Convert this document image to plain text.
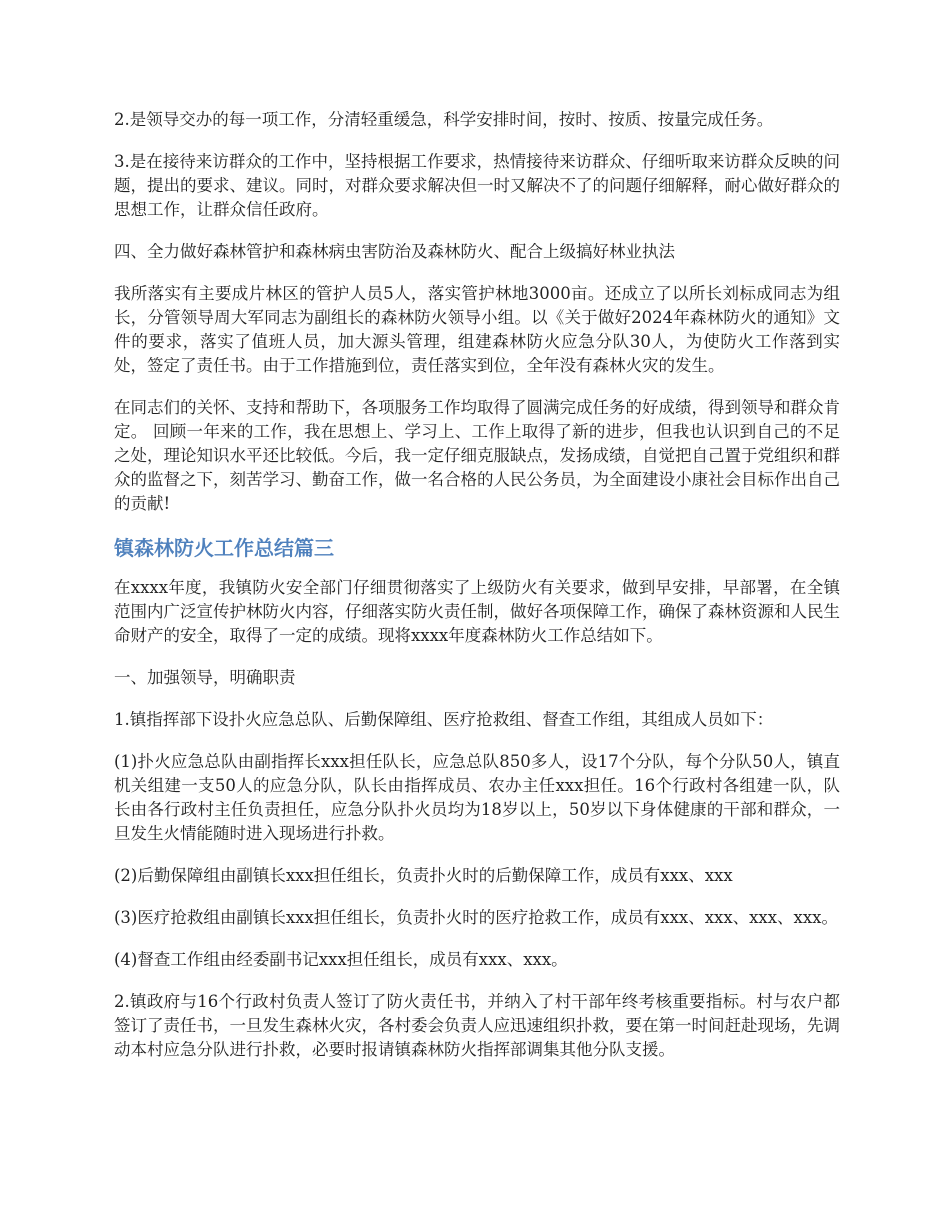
2.是领导交办的每一项工作，分清轻重缓急，科学安排时间，按时、按质、按量完成任务。

3.是在接待来访群众的工作中，坚持根据工作要求，热情接待来访群众、仔细听取来访群众反映的问题，提出的要求、建议。同时，对群众要求解决但一时又解决不了的问题仔细解释，耐心做好群众的思想工作，让群众信任政府。

四、全力做好森林管护和森林病虫害防治及森林防火、配合上级搞好林业执法

我所落实有主要成片林区的管护人员5人，落实管护林地3000亩。还成立了以所长刘标成同志为组长，分管领导周大军同志为副组长的森林防火领导小组。以《关于做好2024年森林防火的通知》文件的要求，落实了值班人员，加大源头管理，组建森林防火应急分队30人，为使防火工作落到实处，签定了责任书。由于工作措施到位，责任落实到位，全年没有森林火灾的发生。

在同志们的关怀、支持和帮助下，各项服务工作均取得了圆满完成任务的好成绩，得到领导和群众肯定。 回顾一年来的工作，我在思想上、学习上、工作上取得了新的进步，但我也认识到自己的不足之处，理论知识水平还比较低。今后，我一定仔细克服缺点，发扬成绩，自觉把自己置于党组织和群众的监督之下，刻苦学习、勤奋工作，做一名合格的人民公务员，为全面建设小康社会目标作出自己的贡献!

镇森林防火工作总结篇三

在xxxx年度，我镇防火安全部门仔细贯彻落实了上级防火有关要求，做到早安排，早部署，在全镇范围内广泛宣传护林防火内容，仔细落实防火责任制，做好各项保障工作，确保了森林资源和人民生命财产的安全，取得了一定的成绩。现将xxxx年度森林防火工作总结如下。

一、加强领导，明确职责

1.镇指挥部下设扑火应急总队、后勤保障组、医疗抢救组、督查工作组，其组成人员如下：

(1)扑火应急总队由副指挥长xxx担任队长，应急总队850多人，设17个分队，每个分队50人，镇直机关组建一支50人的应急分队，队长由指挥成员、农办主任xxx担任。16个行政村各组建一队，队长由各行政村主任负责担任，应急分队扑火员均为18岁以上，50岁以下身体健康的干部和群众，一旦发生火情能随时进入现场进行扑救。

(2)后勤保障组由副镇长xxx担任组长，负责扑火时的后勤保障工作，成员有xxx、xxx

(3)医疗抢救组由副镇长xxx担任组长，负责扑火时的医疗抢救工作，成员有xxx、xxx、xxx、xxx。

(4)督查工作组由经委副书记xxx担任组长，成员有xxx、xxx。

2.镇政府与16个行政村负责人签订了防火责任书，并纳入了村干部年终考核重要指标。村与农户都签订了责任书，一旦发生森林火灾，各村委会负责人应迅速组织扑救，要在第一时间赶赴现场，先调动本村应急分队进行扑救，必要时报请镇森林防火指挥部调集其他分队支援。
